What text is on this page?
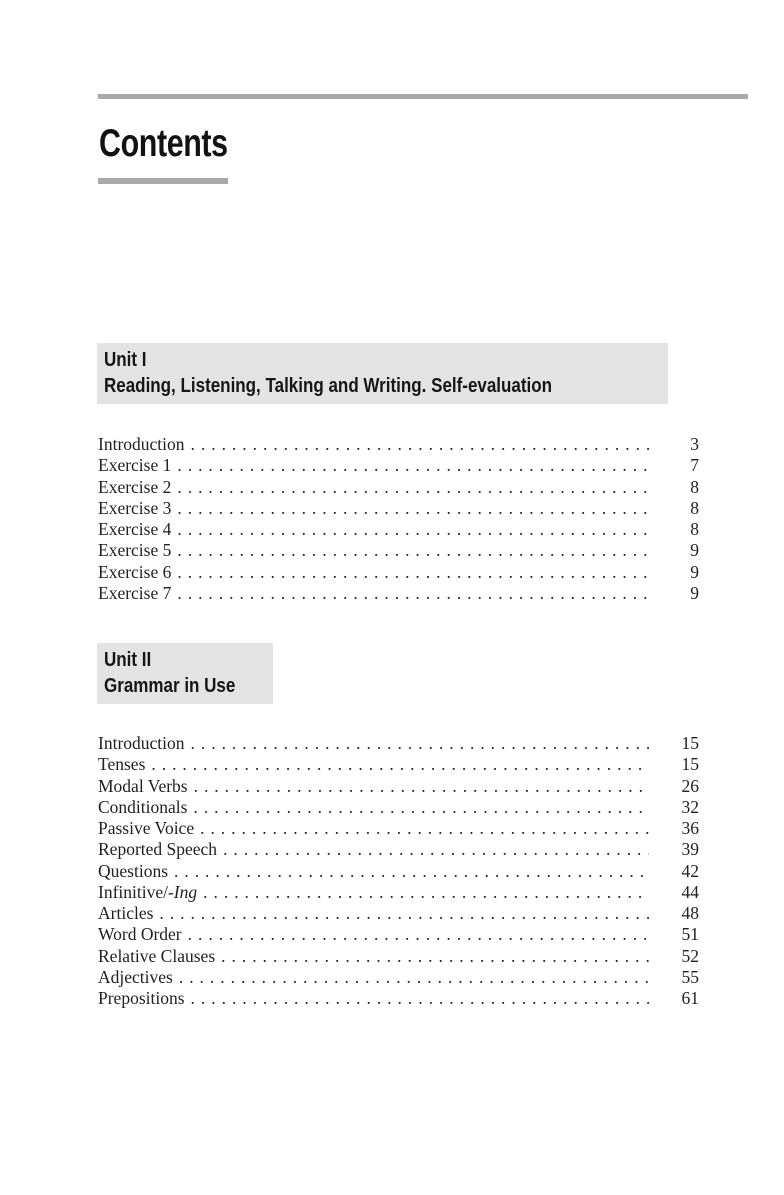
Contents
Unit I
Reading, Listening, Talking and Writing. Self-evaluation
Introduction . . .	3
Exercise 1 . . .	7
Exercise 2 . . .	8
Exercise 3 . . .	8
Exercise 4 . . .	8
Exercise 5 . . .	9
Exercise 6 . . .	9
Exercise 7 . . .	9
Unit II
Grammar in Use
Introduction . . .	15
Tenses . . .	15
Modal Verbs . . .	26
Conditionals . . .	32
Passive Voice . . .	36
Reported Speech . . .	39
Questions . . .	42
Infinitive/-Ing . . .	44
Articles . . .	48
Word Order . . .	51
Relative Clauses . . .	52
Adjectives . . .	55
Prepositions . . .	61
